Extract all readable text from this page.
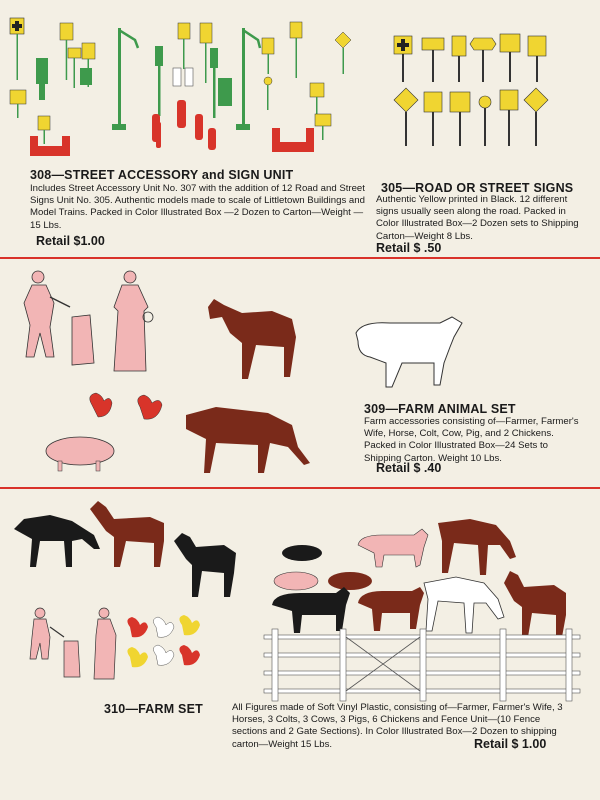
308—STREET ACCESSORY and SIGN UNIT
Includes Street Accessory Unit No. 307 with the addition of 12 Road and Street Signs Unit No. 305. Authentic models made to scale of Littletown Buildings and Model Trains. Packed in Color Illustrated Box —2 Dozen to Carton—Weight — 15 Lbs.
Retail $1.00
305—ROAD OR STREET SIGNS
Authentic Yellow printed in Black. 12 different signs usually seen along the road. Packed in Color Illustrated Box—2 Dozen sets to Shipping Carton—Weight 8 Lbs.
Retail $ .50
309—FARM ANIMAL SET
Farm accessories consisting of—Farmer, Farmer's Wife, Horse, Colt, Cow, Pig, and 2 Chickens. Packed in Color Illustrated Box—24 Sets to Shipping Carton. Weight 10 Lbs.
Retail $ .40
310—FARM SET	All Figures made of Soft Vinyl Plastic, consisting of—Farmer, Farmer's Wife, 3 Horses, 3 Colts, 3 Cows, 3 Pigs, 6 Chickens and Fence Unit—(10 Fence sections and 2 Gate Sections). In Color Illustrated Box—2 Dozen to shipping carton—Weight 15 Lbs.	Retail $ 1.00
